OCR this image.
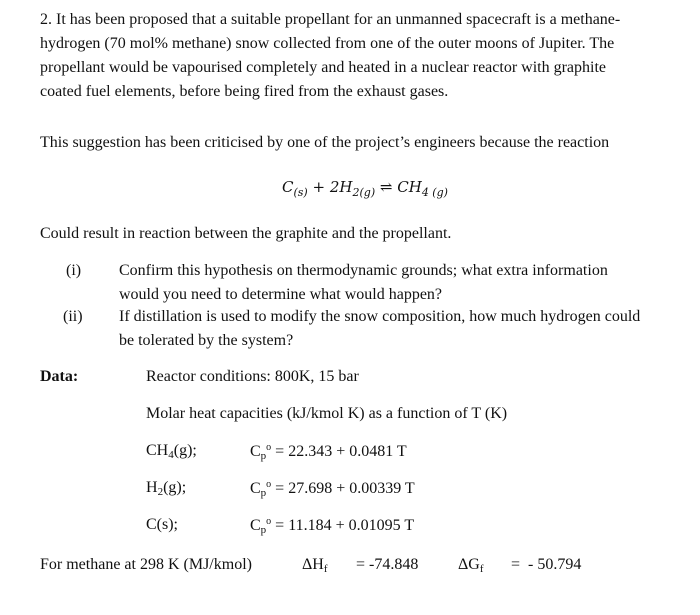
2. It has been proposed that a suitable propellant for an unmanned spacecraft is a methane-
hydrogen (70 mol% methane) snow collected from one of the outer moons of Jupiter. The
propellant would be vapourised completely and heated in a nuclear reactor with graphite
coated fuel elements, before being fired from the exhaust gases.
This suggestion has been criticised by one of the project’s engineers because the reaction
$C_{(s)} + 2H_{2(g)}$ ⇌ $CH_{4 (g)}$
Could result in reaction between the graphite and the propellant.
(i) Confirm this hypothesis on thermodynamic grounds; what extra information
would you need to determine what would happen?
(ii) If distillation is used to modify the snow composition, how much hydrogen could
be tolerated by the system?
Data:	Reactor conditions: 800K, 15 bar
Molar heat capacities (kJ/kmol K) as a function of T (K)
$CH_4(g)$;	$C_p^o = 22.343 + 0.0481$ T
$H_2(g)$;	$C_p^o = 27.698 + 0.00339$ T
C(s);	$C_p^o = 11.184 + 0.01095$ T
For methane at 298 K (MJ/kmol)	$\Delta H_f = -74.848$ $\Delta G_f$ =  - 50.794
